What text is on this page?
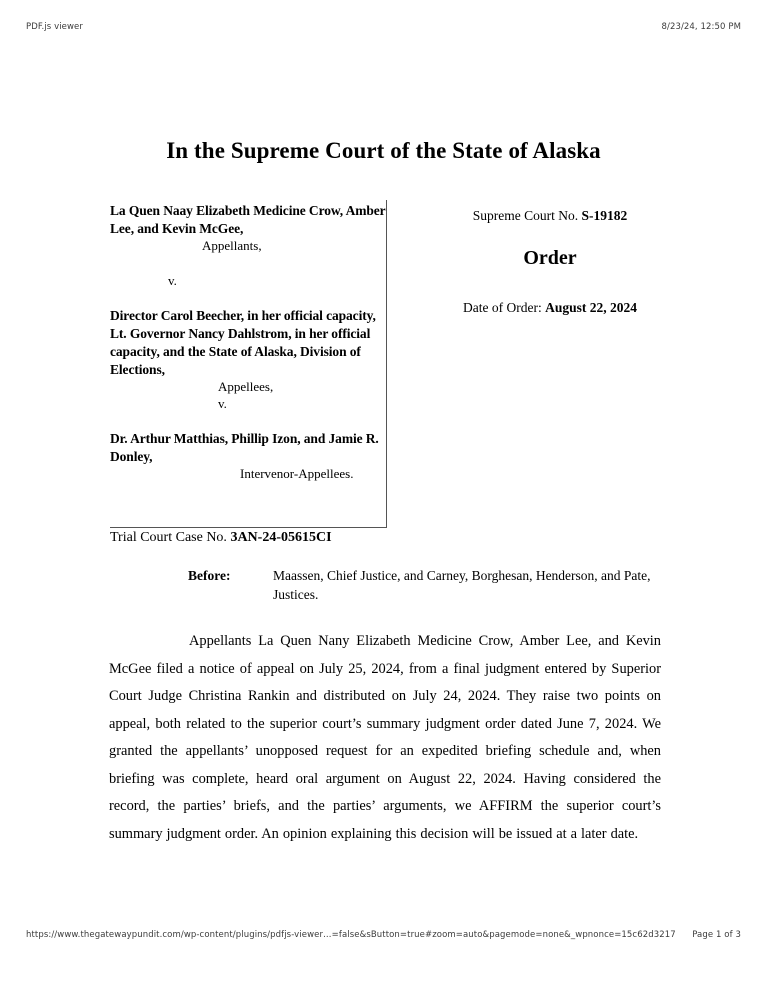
PDF.js viewer	8/23/24, 12:50 PM
In the Supreme Court of the State of Alaska
La Quen Naay Elizabeth Medicine Crow, Amber Lee, and Kevin McGee,
Appellants,
v.
Director Carol Beecher, in her official capacity, Lt. Governor Nancy Dahlstrom, in her official capacity, and the State of Alaska, Division of Elections,
Appellees,
v.
Dr. Arthur Matthias, Phillip Izon, and Jamie R. Donley,
Intervenor-Appellees.
Trial Court Case No. 3AN-24-05615CI
Supreme Court No. S-19182
Order
Date of Order: August 22, 2024
Before:	Maassen, Chief Justice, and Carney, Borghesan, Henderson, and Pate, Justices.
Appellants La Quen Nany Elizabeth Medicine Crow, Amber Lee, and Kevin McGee filed a notice of appeal on July 25, 2024, from a final judgment entered by Superior Court Judge Christina Rankin and distributed on July 24, 2024. They raise two points on appeal, both related to the superior court’s summary judgment order dated June 7, 2024. We granted the appellants’ unopposed request for an expedited briefing schedule and, when briefing was complete, heard oral argument on August 22, 2024. Having considered the record, the parties’ briefs, and the parties’ arguments, we AFFIRM the superior court’s summary judgment order. An opinion explaining this decision will be issued at a later date.
https://www.thegatewaypundit.com/wp-content/plugins/pdfjs-viewer…=false&sButton=true#zoom=auto&pagemode=none&_wpnonce=15c62d3217 Page 1 of 3
